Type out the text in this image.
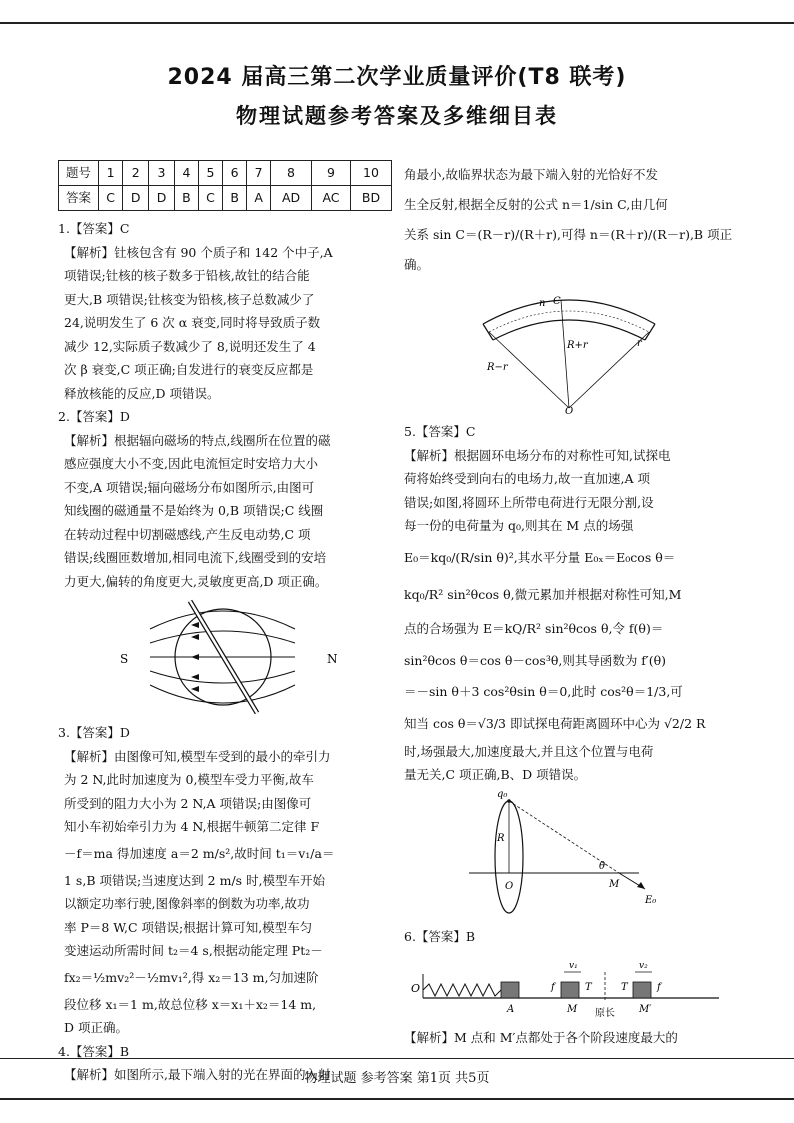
2024 届高三第二次学业质量评价(T8 联考)
物理试题参考答案及多维细目表
题号	1	2	3	4	5	6	7	8	9	10
答案	C	D	D	B	C	B	A	AD	AC	BD
1.【答案】C
【解析】钍核包含有 90 个质子和 142 个中子,A
项错误;钍核的核子数多于铅核,故钍的结合能
更大,B 项错误;钍核变为铅核,核子总数减少了
24,说明发生了 6 次 α 衰变,同时将导致质子数
减少 12,实际质子数减少了 8,说明还发生了 4
次 β 衰变,C 项正确;自发进行的衰变反应都是
释放核能的反应,D 项错误。
2.【答案】D
【解析】根据辐向磁场的特点,线圈所在位置的磁
感应强度大小不变,因此电流恒定时安培力大小
不变,A 项错误;辐向磁场分布如图所示,由图可
知线圈的磁通量不是始终为 0,B 项错误;C 线圈
在转动过程中切割磁感线,产生反电动势,C 项
错误;线圈匝数增加,相同电流下,线圈受到的安培
力更大,偏转的角度更大,灵敏度更高,D 项正确。
S	N
3.【答案】D
【解析】由图像可知,模型车受到的最小的牵引力
为 2 N,此时加速度为 0,模型车受力平衡,故车
所受到的阻力大小为 2 N,A 项错误;由图像可
知小车初始牵引力为 4 N,根据牛顿第二定律 F
－f＝ma 得加速度 a＝2 m/s²,故时间 t₁＝v₁/a＝
1 s,B 项错误;当速度达到 2 m/s 时,模型车开始
以额定功率行驶,图像斜率的倒数为功率,故功
率 P＝8 W,C 项错误;根据计算可知,模型车匀
变速运动所需时间 t₂＝4 s,根据动能定理 Pt₂－
fx₂＝½mv₂²－½mv₁²,得 x₂＝13 m,匀加速阶
段位移 x₁＝1 m,故总位移 x＝x₁＋x₂＝14 m,
D 项正确。
4.【答案】B
【解析】如图所示,最下端入射的光在界面的入射
角最小,故临界状态为最下端入射的光恰好不发
生全反射,根据全反射的公式 n＝1/sin C,由几何
关系 sin C＝(R－r)/(R＋r),可得 n＝(R＋r)/(R－r),B 项正确。
n C
R+r
R−r
r
O
5.【答案】C
【解析】根据圆环电场分布的对称性可知,试探电
荷将始终受到向右的电场力,故一直加速,A 项
错误;如图,将圆环上所带电荷进行无限分割,设
每一份的电荷量为 q₀,则其在 M 点的场强
E₀＝kq₀/(R/sin θ)²,其水平分量 E₀ₓ＝E₀cos θ＝
kq₀/R² sin²θcos θ,微元累加并根据对称性可知,M
点的合场强为 E＝kQ/R² sin²θcos θ,令 f(θ)＝
sin²θcos θ＝cos θ－cos³θ,则其导函数为 f′(θ)
＝－sin θ＋3 cos²θsin θ＝0,此时 cos²θ＝1/3,可
知当 cos θ＝√3/3 即试探电荷距离圆环中心为 √2/2 R
时,场强最大,加速度最大,并且这个位置与电荷
量无关,C 项正确,B、D 项错误。
q₀
R
θ
O	M
E₀
6.【答案】B
O
A	M	M′
原长
v₁	v₂
f	T	T	f
【解析】M 点和 M′点都处于各个阶段速度最大的
物理试题 参考答案 第1页 共5页
